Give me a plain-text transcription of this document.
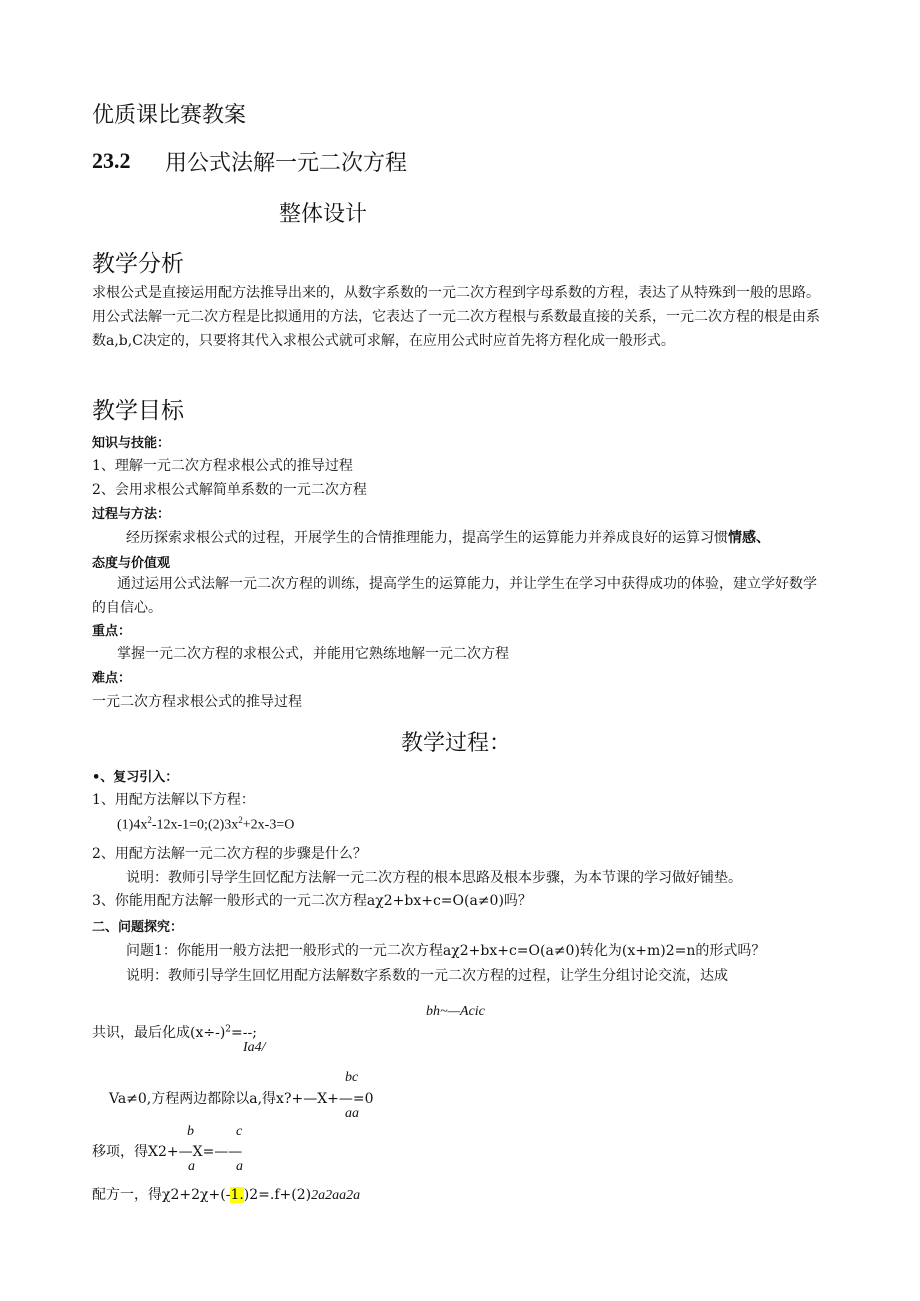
优质课比赛教案
23.2 用公式法解一元二次方程
整体设计
教学分析
求根公式是直接运用配方法推导出来的，从数字系数的一元二次方程到字母系数的方程，表达了从特殊到一般的思路。用公式法解一元二次方程是比拟通用的方法，它表达了一元二次方程根与系数最直接的关系，一元二次方程的根是由系数a,b,C决定的，只要将其代入求根公式就可求解，在应用公式时应首先将方程化成一般形式。
教学目标
知识与技能：
1、理解一元二次方程求根公式的推导过程
2、会用求根公式解简单系数的一元二次方程
过程与方法：
经历探索求根公式的过程，开展学生的合情推理能力，提高学生的运算能力并养成良好的运算习惯情感、
态度与价值观
通过运用公式法解一元二次方程的训练，提高学生的运算能力，并让学生在学习中获得成功的体验，建立学好数学的自信心。
重点：
掌握一元二次方程的求根公式，并能用它熟练地解一元二次方程
难点：
一元二次方程求根公式的推导过程
教学过程：
•、复习引入：
1、用配方法解以下方程：
$(1)4x^2-12x-1=0;(2)3x^2+2x-3=O$
2、用配方法解一元二次方程的步骤是什么？
说明：教师引导学生回忆配方法解一元二次方程的根本思路及根本步骤，为本节课的学习做好铺垫。
3、你能用配方法解一般形式的一元二次方程aχ2+bx+c=O(a≠0)吗？
二、问题探究：
问题1：你能用一般方法把一般形式的一元二次方程aχ2+bx+c=O(a≠0)转化为(x+m)2=n的形式吗？
说明：教师引导学生回忆用配方法解数字系数的一元二次方程的过程，让学生分组讨论交流，达成
bh~—Acic
共识，最后化成$(x\div-)^2=--$;
Ia4/
bc
Va≠0,方程两边都除以a,得x?+—X+—=0
aa
b	c
移项，得X2+—X=——
a	a
配方一，得χ2+2χ+(-1.)2=.f+(2)2a2aa2a
